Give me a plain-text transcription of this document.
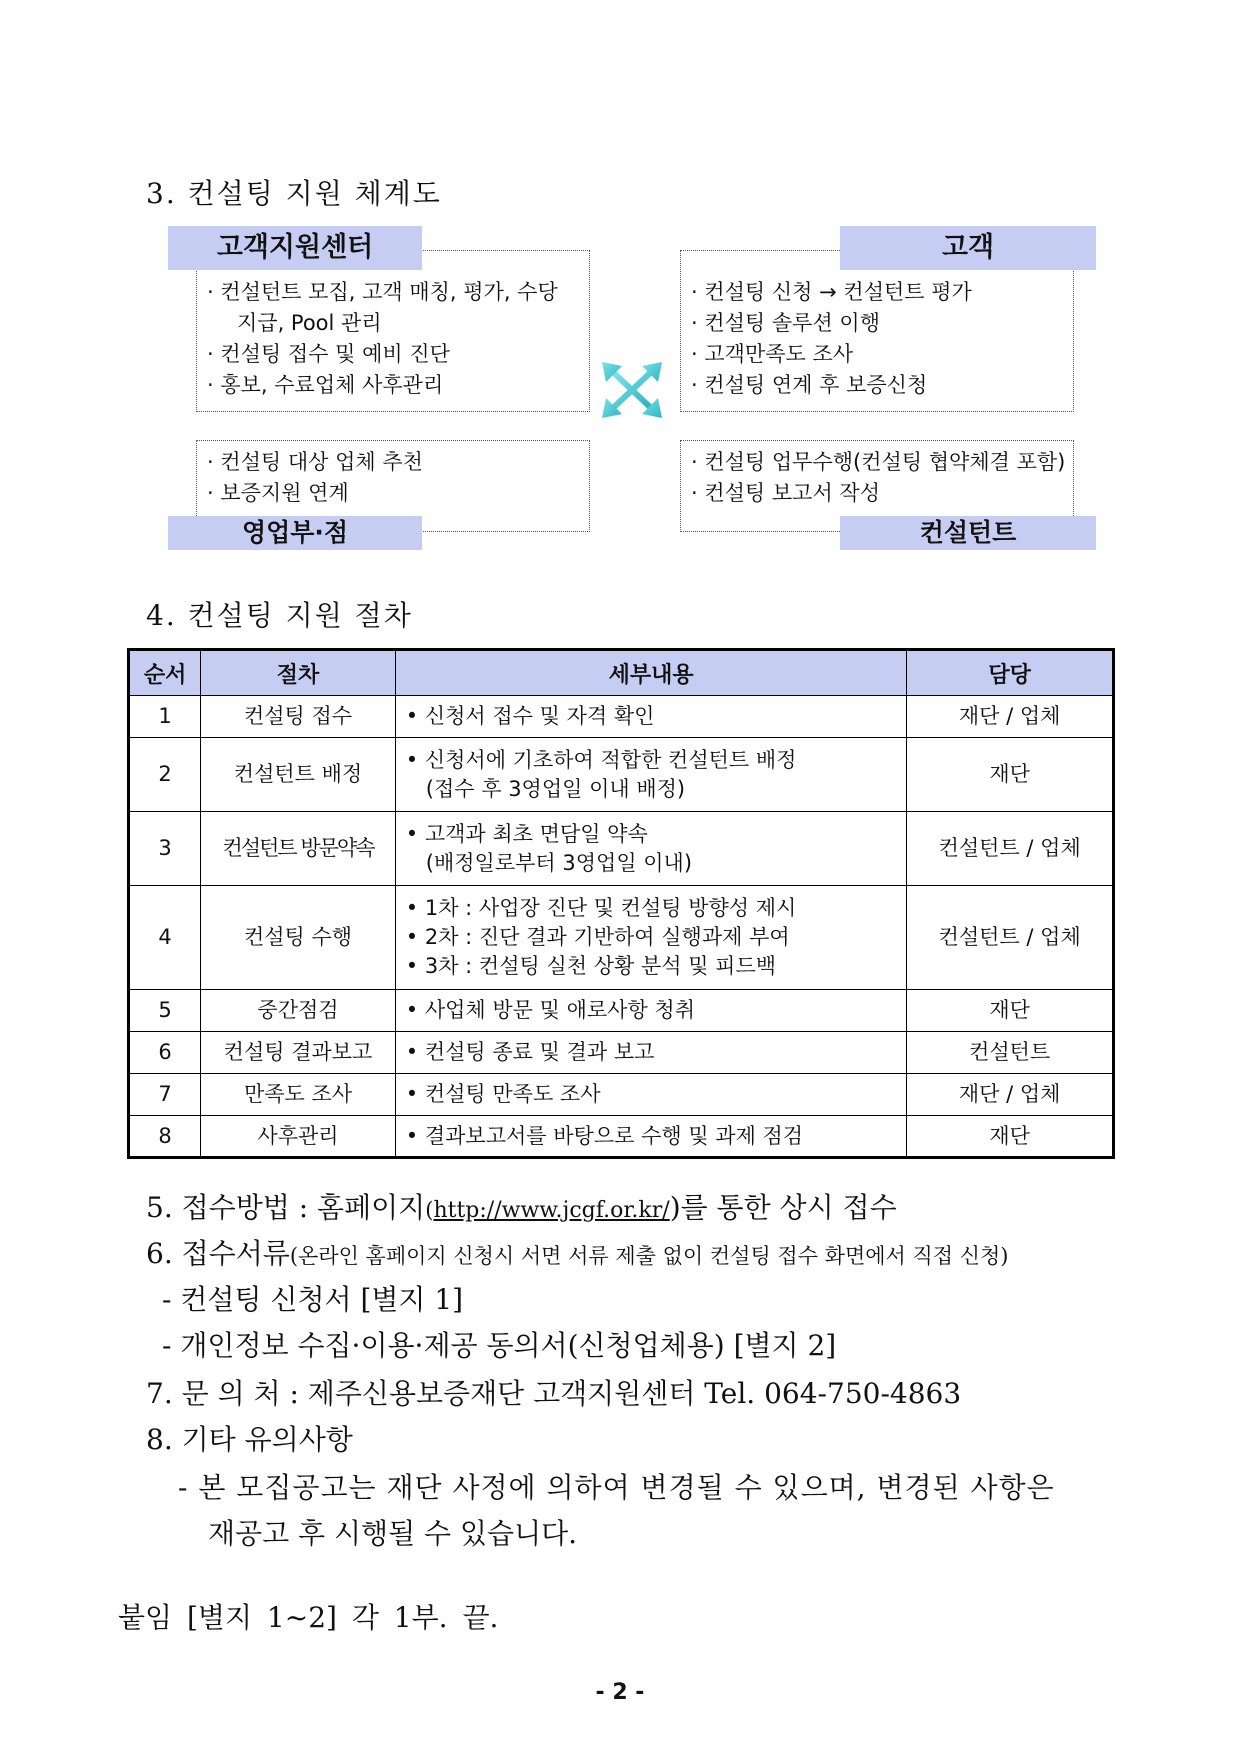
3. 컨설팅 지원 체계도
· 컨설턴트 모집, 고객 매칭, 평가, 수당
지급, Pool 관리
· 컨설팅 접수 및 예비 진단
· 홍보, 수료업체 사후관리
고객지원센터
· 컨설팅 신청 → 컨설턴트 평가
· 컨설팅 솔루션 이행
· 고객만족도 조사
· 컨설팅 연계 후 보증신청
고객
· 컨설팅 대상 업체 추천
· 보증지원 연계
영업부·점
· 컨설팅 업무수행(컨설팅 협약체결 포함)
· 컨설팅 보고서 작성
컨설턴트
4. 컨설팅 지원 절차
순서	절차	세부내용	담당
1	컨설팅 접수	• 신청서 접수 및 자격 확인	재단 / 업체
2	컨설턴트 배정	• 신청서에 기초하여 적합한 컨설턴트 배정
(접수 후 3영업일 이내 배정)	재단
3	컨설턴트 방문약속	• 고객과 최초 면담일 약속
(배정일로부터 3영업일 이내)	컨설턴트 / 업체
4	컨설팅 수행	• 1차 : 사업장 진단 및 컨설팅 방향성 제시
• 2차 : 진단 결과 기반하여 실행과제 부여
• 3차 : 컨설팅 실천 상황 분석 및 피드백	컨설턴트 / 업체
5	중간점검	• 사업체 방문 및 애로사항 청취	재단
6	컨설팅 결과보고	• 컨설팅 종료 및 결과 보고	컨설턴트
7	만족도 조사	• 컨설팅 만족도 조사	재단 / 업체
8	사후관리	• 결과보고서를 바탕으로 수행 및 과제 점검	재단
5. 접수방법 : 홈페이지(http://www.jcgf.or.kr/)를 통한 상시 접수
6. 접수서류(온라인 홈페이지 신청시 서면 서류 제출 없이 컨설팅 접수 화면에서 직접 신청)
- 컨설팅 신청서 [별지 1]
- 개인정보 수집·이용·제공 동의서(신청업체용) [별지 2]
7. 문 의 처 : 제주신용보증재단 고객지원센터 Tel. 064-750-4863
8. 기타 유의사항
- 본 모집공고는 재단 사정에 의하여 변경될 수 있으며, 변경된 사항은
재공고 후 시행될 수 있습니다.
붙임 [별지 1~2] 각 1부. 끝.
- 2 -
